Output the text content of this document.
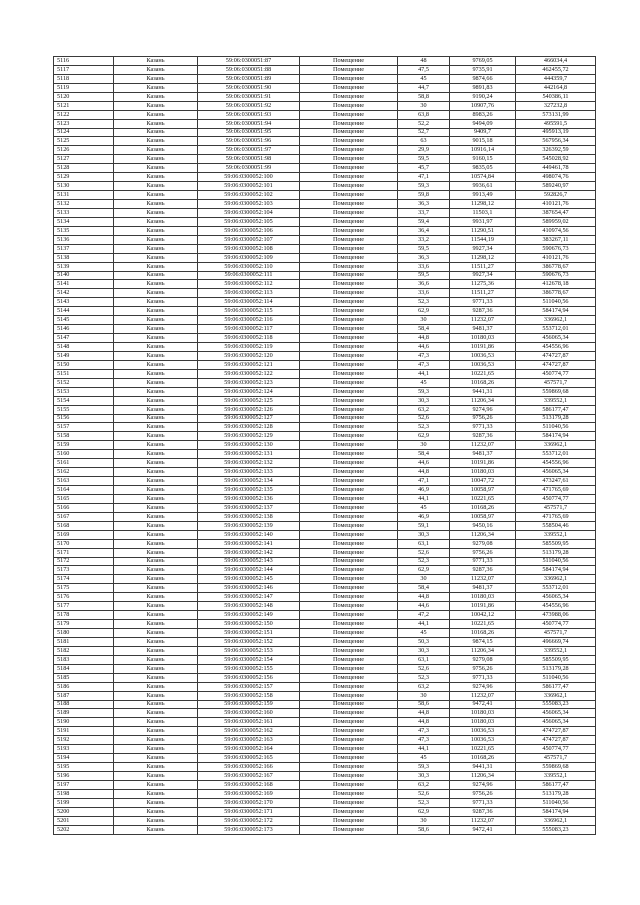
5116	Казань	59:06:0300051:87	Помещение	48	9769,05	466034,4
5117	Казань	59:06:0300051:88	Помещение	47,5	9735,91	462455,72
5118	Казань	59:06:0300051:89	Помещение	45	9874,66	444359,7
5119	Казань	59:06:0300051:90	Помещение	44,7	9891,83	442164,8
5120	Казань	59:06:0300051:91	Помещение	58,8	9190,24	540386,11
5121	Казань	59:06:0300051:92	Помещение	30	10907,76	327232,8
5122	Казань	59:06:0300051:93	Помещение	63,8	8983,26	573131,99
5123	Казань	59:06:0300051:94	Помещение	52,2	9494,09	495591,5
5124	Казань	59:06:0300051:95	Помещение	52,7	9409,7	495913,19
5125	Казань	59:06:0300051:96	Помещение	63	9015,18	567956,34
5126	Казань	59:06:0300051:97	Помещение	29,9	10916,14	326392,59
5127	Казань	59:06:0300051:98	Помещение	59,5	9160,15	545028,92
5128	Казань	59:06:0300051:99	Помещение	45,7	9835,05	449461,78
5129	Казань	59:06:0300052:100	Помещение	47,1	10574,84	498074,76
5130	Казань	59:06:0300052:101	Помещение	59,3	9936,61	589240,97
5131	Казань	59:06:0300052:102	Помещение	59,8	9913,49	592826,7
5132	Казань	59:06:0300052:103	Помещение	36,3	11298,12	410121,76
5133	Казань	59:06:0300052:104	Помещение	33,7	11503,1	387654,47
5134	Казань	59:06:0300052:105	Помещение	59,4	9931,97	589959,02
5135	Казань	59:06:0300052:106	Помещение	36,4	11290,51	410974,56
5136	Казань	59:06:0300052:107	Помещение	33,2	11544,19	383267,11
5137	Казань	59:06:0300052:108	Помещение	59,5	9927,34	590676,73
5138	Казань	59:06:0300052:109	Помещение	36,3	11298,12	410121,76
5139	Казань	59:06:0300052:110	Помещение	33,6	11511,27	386778,67
5140	Казань	59:06:0300052:111	Помещение	59,5	9927,34	590676,73
5141	Казань	59:06:0300052:112	Помещение	36,6	11275,36	412678,18
5142	Казань	59:06:0300052:113	Помещение	33,6	11511,27	386778,67
5143	Казань	59:06:0300052:114	Помещение	52,3	9771,33	511040,56
5144	Казань	59:06:0300052:115	Помещение	62,9	9287,36	584174,94
5145	Казань	59:06:0300052:116	Помещение	30	11232,07	336962,1
5146	Казань	59:06:0300052:117	Помещение	58,4	9481,37	553712,01
5147	Казань	59:06:0300052:118	Помещение	44,8	10180,03	456065,34
5148	Казань	59:06:0300052:119	Помещение	44,6	10191,86	454556,96
5149	Казань	59:06:0300052:120	Помещение	47,3	10036,53	474727,87
5150	Казань	59:06:0300052:121	Помещение	47,3	10036,53	474727,87
5151	Казань	59:06:0300052:122	Помещение	44,1	10221,65	450774,77
5152	Казань	59:06:0300052:123	Помещение	45	10168,26	457571,7
5153	Казань	59:06:0300052:124	Помещение	59,3	9441,31	559869,68
5154	Казань	59:06:0300052:125	Помещение	30,3	11206,34	339552,1
5155	Казань	59:06:0300052:126	Помещение	63,2	9274,96	586177,47
5156	Казань	59:06:0300052:127	Помещение	52,6	9756,26	513179,28
5157	Казань	59:06:0300052:128	Помещение	52,3	9771,33	511040,56
5158	Казань	59:06:0300052:129	Помещение	62,9	9287,36	584174,94
5159	Казань	59:06:0300052:130	Помещение	30	11232,07	336962,1
5160	Казань	59:06:0300052:131	Помещение	58,4	9481,37	553712,01
5161	Казань	59:06:0300052:132	Помещение	44,6	10191,86	454556,96
5162	Казань	59:06:0300052:133	Помещение	44,8	10180,03	456065,34
5163	Казань	59:06:0300052:134	Помещение	47,1	10047,72	473247,61
5164	Казань	59:06:0300052:135	Помещение	46,9	10058,97	471765,69
5165	Казань	59:06:0300052:136	Помещение	44,1	10221,65	450774,77
5166	Казань	59:06:0300052:137	Помещение	45	10168,26	457571,7
5167	Казань	59:06:0300052:138	Помещение	46,9	10058,97	471765,69
5168	Казань	59:06:0300052:139	Помещение	59,1	9450,16	558504,46
5169	Казань	59:06:0300052:140	Помещение	30,3	11206,34	339552,1
5170	Казань	59:06:0300052:141	Помещение	63,1	9279,08	585509,95
5171	Казань	59:06:0300052:142	Помещение	52,6	9756,26	513179,28
5172	Казань	59:06:0300052:143	Помещение	52,3	9771,33	511040,56
5173	Казань	59:06:0300052:144	Помещение	62,9	9287,36	584174,94
5174	Казань	59:06:0300052:145	Помещение	30	11232,07	336962,1
5175	Казань	59:06:0300052:146	Помещение	58,4	9481,37	553712,01
5176	Казань	59:06:0300052:147	Помещение	44,8	10180,03	456065,34
5177	Казань	59:06:0300052:148	Помещение	44,6	10191,86	454556,96
5178	Казань	59:06:0300052:149	Помещение	47,2	10042,12	473988,06
5179	Казань	59:06:0300052:150	Помещение	44,1	10221,65	450774,77
5180	Казань	59:06:0300052:151	Помещение	45	10168,26	457571,7
5181	Казань	59:06:0300052:152	Помещение	50,3	9874,15	496669,74
5182	Казань	59:06:0300052:153	Помещение	30,3	11206,34	339552,1
5183	Казань	59:06:0300052:154	Помещение	63,1	9279,08	585509,95
5184	Казань	59:06:0300052:155	Помещение	52,6	9756,26	513179,28
5185	Казань	59:06:0300052:156	Помещение	52,3	9771,33	511040,56
5186	Казань	59:06:0300052:157	Помещение	63,2	9274,96	586177,47
5187	Казань	59:06:0300052:158	Помещение	30	11232,07	336962,1
5188	Казань	59:06:0300052:159	Помещение	58,6	9472,41	555083,23
5189	Казань	59:06:0300052:160	Помещение	44,8	10180,03	456065,34
5190	Казань	59:06:0300052:161	Помещение	44,8	10180,03	456065,34
5191	Казань	59:06:0300052:162	Помещение	47,3	10036,53	474727,87
5192	Казань	59:06:0300052:163	Помещение	47,3	10036,53	474727,87
5193	Казань	59:06:0300052:164	Помещение	44,1	10221,65	450774,77
5194	Казань	59:06:0300052:165	Помещение	45	10168,26	457571,7
5195	Казань	59:06:0300052:166	Помещение	59,3	9441,31	559869,68
5196	Казань	59:06:0300052:167	Помещение	30,3	11206,34	339552,1
5197	Казань	59:06:0300052:168	Помещение	63,2	9274,96	586177,47
5198	Казань	59:06:0300052:169	Помещение	52,6	9756,26	513179,28
5199	Казань	59:06:0300052:170	Помещение	52,3	9771,33	511040,56
5200	Казань	59:06:0300052:171	Помещение	62,9	9287,36	584174,94
5201	Казань	59:06:0300052:172	Помещение	30	11232,07	336962,1
5202	Казань	59:06:0300052:173	Помещение	58,6	9472,41	555083,23
